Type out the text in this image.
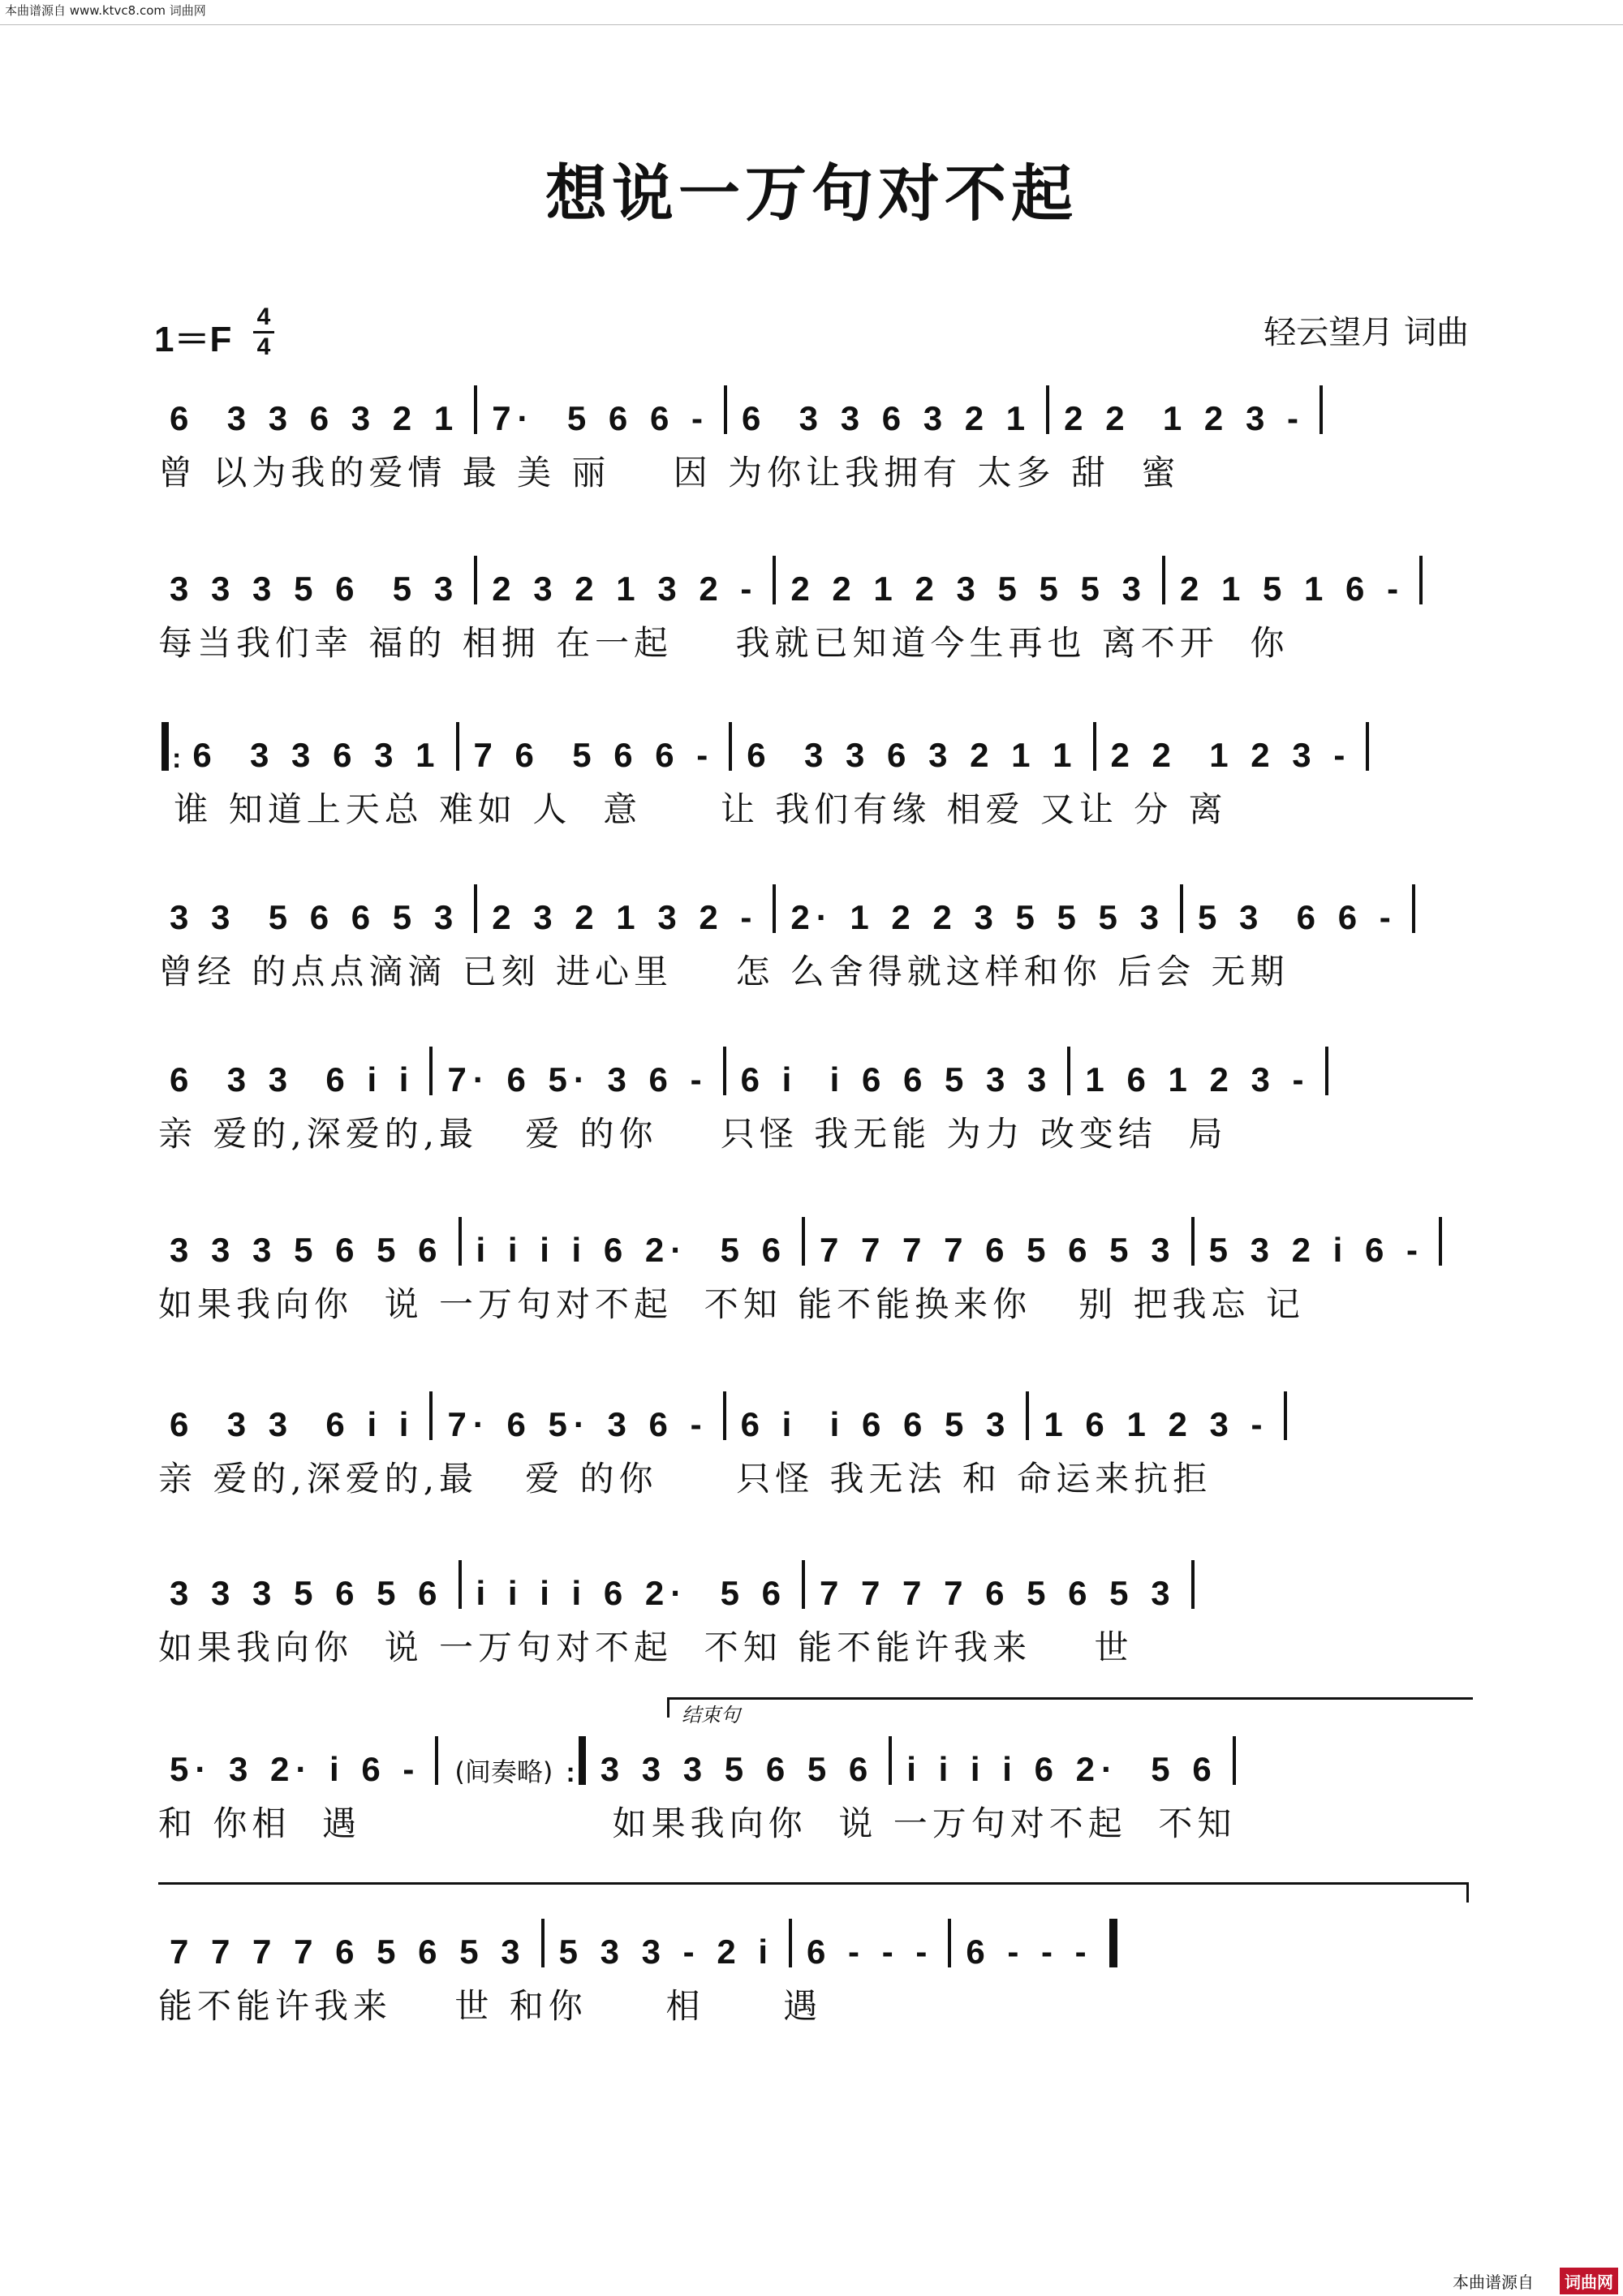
本曲谱源自 www.ktvc8.com 词曲网
想说一万句对不起
1＝F
4
4	轻云望月 词曲
6  3 3 6 3 2 1 7·  5 6 6 - 6  3 3 6 3 2 1 2 2  1 2 3 -
曾 以为我的爱情 最 美 丽    因 为你让我拥有 太多 甜  蜜
3 3 3 5 6  5 3 2 3 2 1 3 2 - 2 2 1 2 3 5 5 5 3 2 1 5 1 6 -
每当我们幸 福的 相拥 在一起    我就已知道今生再也 离不开  你
: 6  3 3 6 3 1 7 6  5 6 6 - 6  3 3 6 3 2 1 1 2 2  1 2 3 -
谁 知道上天总 难如 人  意     让 我们有缘 相爱 又让 分 离
3 3  5 6 6 5 3 2 3 2 1 3 2 - 2· 1 2 2 3 5 5 5 3 5 3  6 6 -
曾经 的点点滴滴 已刻 进心里    怎 么舍得就这样和你 后会 无期
6  3 3  6 i i 7· 6 5· 3 6 - 6 i  i 6 6 5 3 3 1 6 1 2 3 -
亲 爱的,深爱的,最   爱 的你    只怪 我无能 为力 改变结  局
3 3 3 5 6 5 6 i i i i 6 2·  5 6 7 7 7 7 6 5 6 5 3 5 3 2 i 6 -
如果我向你  说 一万句对不起  不知 能不能换来你   别 把我忘 记
6  3 3  6 i i 7· 6 5· 3 6 - 6 i  i 6 6 5 3 1 6 1 2 3 -
亲 爱的,深爱的,最   爱 的你     只怪 我无法 和 命运来抗拒
3 3 3 5 6 5 6 i i i i 6 2·  5 6 7 7 7 7 6 5 6 5 3
如果我向你  说 一万句对不起  不知 能不能许我来    世
结束句
5· 3 2· i 6 -	(间奏略) : 3 3 3 5 6 5 6 i i i i 6 2·  5 6
和 你相  遇                如果我向你  说 一万句对不起  不知
7 7 7 7 6 5 6 5 3 5 3 3 - 2 i 6 - - - 6 - - -
能不能许我来    世 和你     相     遇
本曲谱源自	词曲网
